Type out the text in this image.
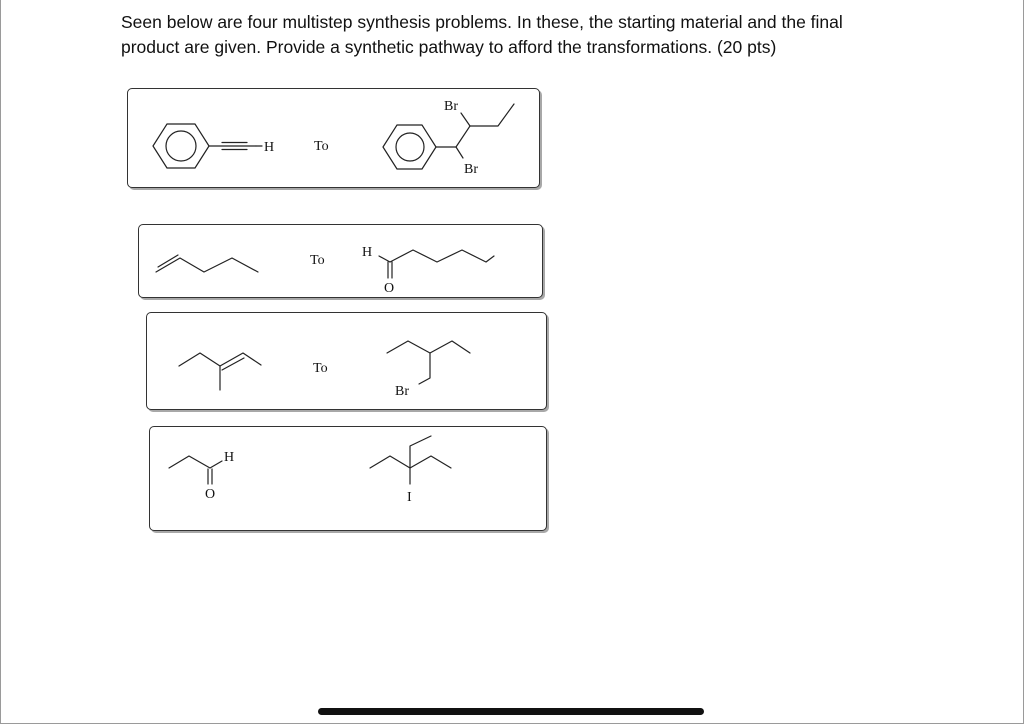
Seen below are four multistep synthesis problems. In these, the starting material and the final
product are given. Provide a synthetic pathway to afford the transformations. (20 pts)
H	To
Br
Br
To
H
O
To
Br
H
O	I
